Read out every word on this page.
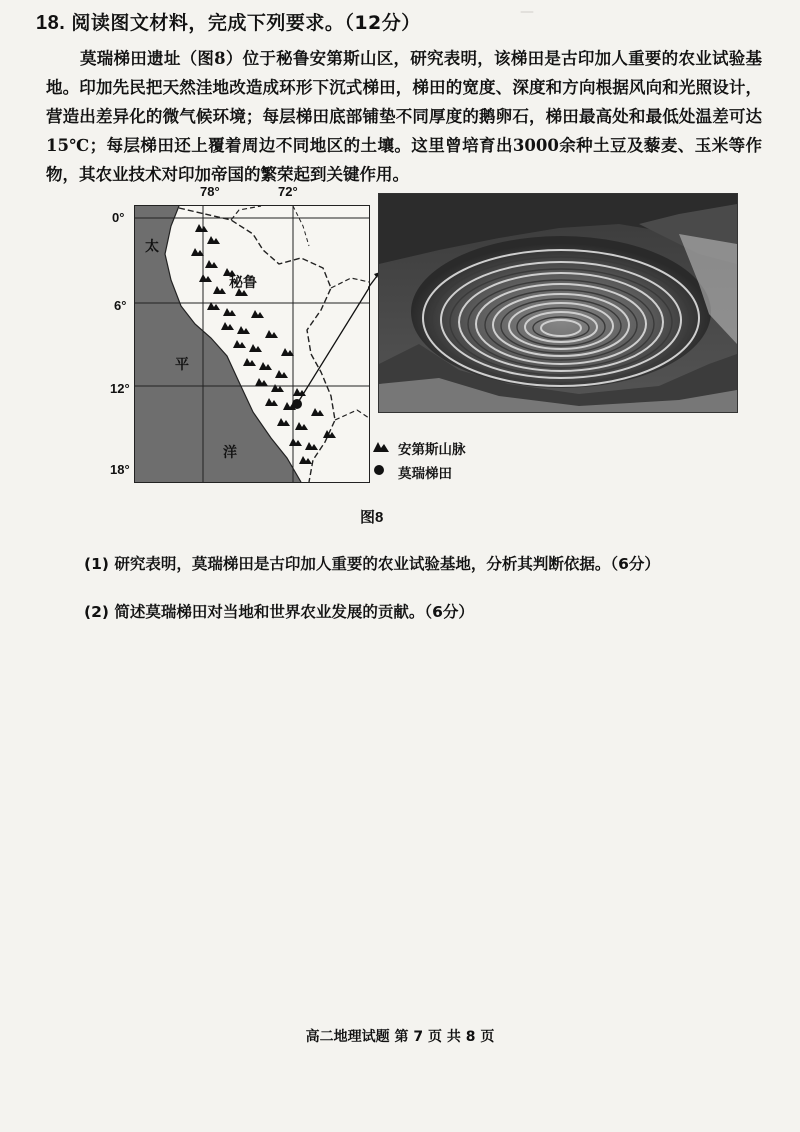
—
18. 阅读图文材料，完成下列要求。（12分）
莫瑞梯田遗址（图8）位于秘鲁安第斯山区，研究表明，该梯田是古印加人重要的农业试验基地。印加先民把天然洼地改造成环形下沉式梯田，梯田的宽度、深度和方向根据风向和光照设计，营造出差异化的微气候环境；每层梯田底部铺垫不同厚度的鹅卵石，梯田最高处和最低处温差可达15℃；每层梯田还上覆着周边不同地区的土壤。这里曾培育出3000余种土豆及藜麦、玉米等作物，其农业技术对印加帝国的繁荣起到关键作用。
78°	72°
0°
6°
12°
18°
太
平
洋
秘鲁
安第斯山脉
莫瑞梯田
图8
(1) 研究表明，莫瑞梯田是古印加人重要的农业试验基地，分析其判断依据。（6分）
(2) 简述莫瑞梯田对当地和世界农业发展的贡献。（6分）
高二地理试题 第 7 页 共 8 页
